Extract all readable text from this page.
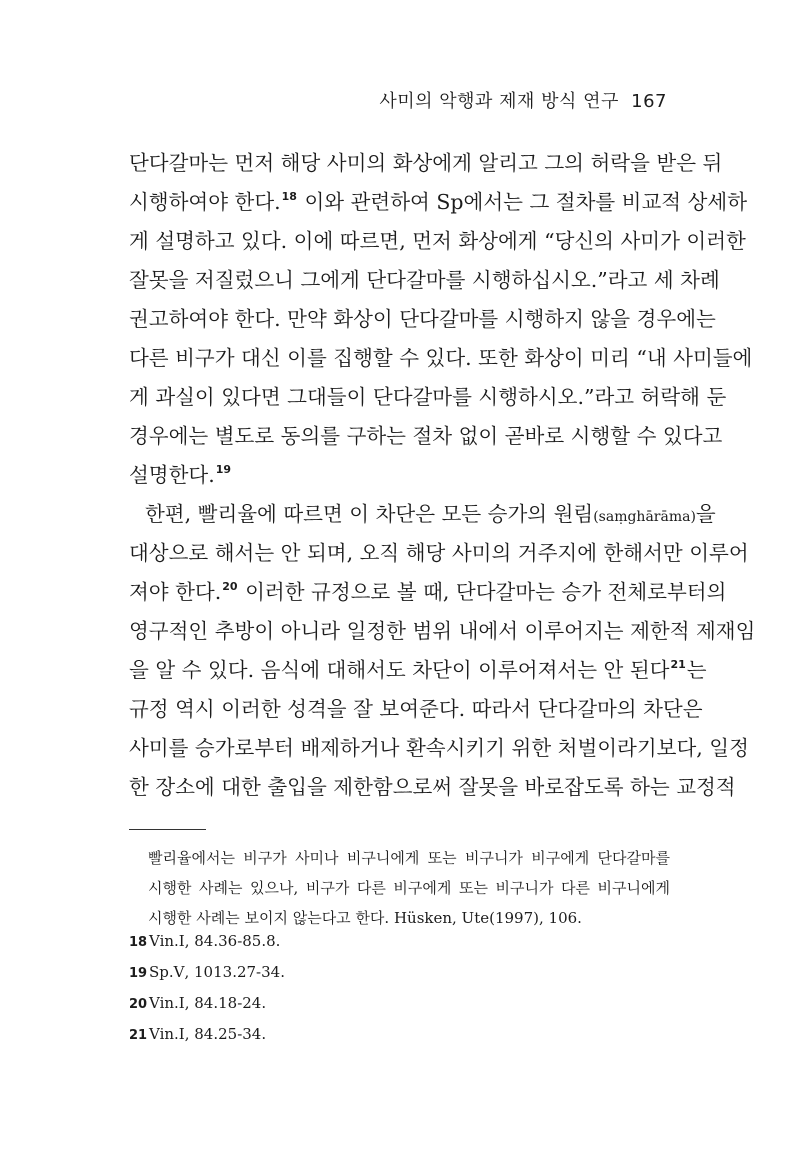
사미의 악행과 제재 방식 연구 167
단다갈마는 먼저 해당 사미의 화상에게 알리고 그의 허락을 받은 뒤
시행하여야 한다.$^{18}$ 이와 관련하여 Sp에서는 그 절차를 비교적 상세하
게 설명하고 있다. 이에 따르면, 먼저 화상에게 “당신의 사미가 이러한
잘못을 저질렀으니 그에게 단다갈마를 시행하십시오.”라고 세 차례
권고하여야 한다. 만약 화상이 단다갈마를 시행하지 않을 경우에는
다른 비구가 대신 이를 집행할 수 있다. 또한 화상이 미리 “내 사미들에
게 과실이 있다면 그대들이 단다갈마를 시행하시오.”라고 허락해 둔
경우에는 별도로 동의를 구하는 절차 없이 곧바로 시행할 수 있다고
설명한다.$^{19}$
한편, 빨리율에 따르면 이 차단은 모든 승가의 원림(saṃghārāma)을
대상으로 해서는 안 되며, 오직 해당 사미의 거주지에 한해서만 이루어
져야 한다.$^{20}$ 이러한 규정으로 볼 때, 단다갈마는 승가 전체로부터의
영구적인 추방이 아니라 일정한 범위 내에서 이루어지는 제한적 제재임
을 알 수 있다. 음식에 대해서도 차단이 이루어져서는 안 된다$^{21}$는
규정 역시 이러한 성격을 잘 보여준다. 따라서 단다갈마의 차단은
사미를 승가로부터 배제하거나 환속시키기 위한 처벌이라기보다, 일정
한 장소에 대한 출입을 제한함으로써 잘못을 바로잡도록 하는 교정적
빨리율에서는 비구가 사미나 비구니에게 또는 비구니가 비구에게 단다갈마를
시행한 사례는 있으나, 비구가 다른 비구에게 또는 비구니가 다른 비구니에게
시행한 사례는 보이지 않는다고 한다. Hüsken, Ute(1997), 106.
18 Vin.Ⅰ, 84.36-85.8.
19 Sp.Ⅴ, 1013.27-34.
20 Vin.Ⅰ, 84.18-24.
21 Vin.Ⅰ, 84.25-34.
